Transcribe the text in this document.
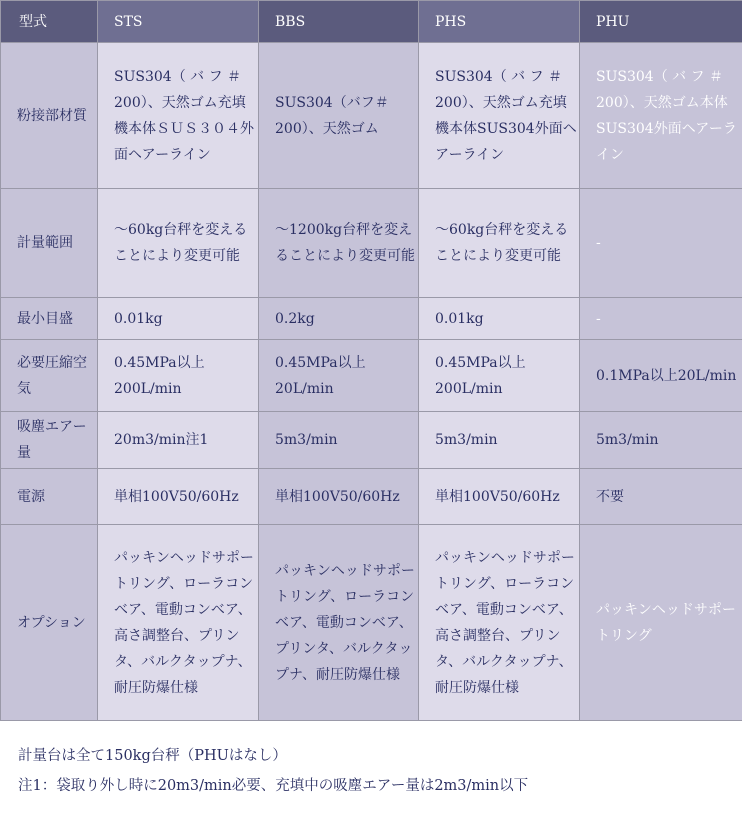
型式	STS	BBS	PHS	PHU
粉接部材質	SUS304（ バ フ ＃200）、天然ゴム充填機本体ＳＵＳ３０４外面ヘアーライン	SUS304（バフ＃200）、天然ゴム	SUS304（ バ フ ＃200）、天然ゴム充填機本体SUS304外面ヘアーライン	SUS304（ バ フ ＃200）、天然ゴム本体SUS304外面ヘアーライン
計量範囲	～60kg台秤を変えることにより変更可能	～1200kg台秤を変えることにより変更可能	～60kg台秤を変えることにより変更可能	-
最小目盛	0.01kg	0.2kg	0.01kg	-
必要圧縮空気	0.45MPa以上200L/min	0.45MPa以上20L/min	0.45MPa以上200L/min	0.1MPa以上20L/min
吸塵エアー量	20m3/min注1	5m3/min	5m3/min	5m3/min
電源	単相100V50/60Hz	単相100V50/60Hz	単相100V50/60Hz	不要
オプション	パッキンヘッドサポートリング、ローラコンベア、電動コンベア、高さ調整台、プリンタ、バルクタップナ、耐圧防爆仕様	パッキンヘッドサポートリング、ローラコンベア、電動コンベア、プリンタ、バルクタップナ、耐圧防爆仕様	パッキンヘッドサポートリング、ローラコンベア、電動コンベア、高さ調整台、プリンタ、バルクタップナ、耐圧防爆仕様	パッキンヘッドサポートリング
計量台は全て150kg台秤（PHUはなし）
注1：袋取り外し時に20m3/min必要、充填中の吸塵エアー量は2m3/min以下
